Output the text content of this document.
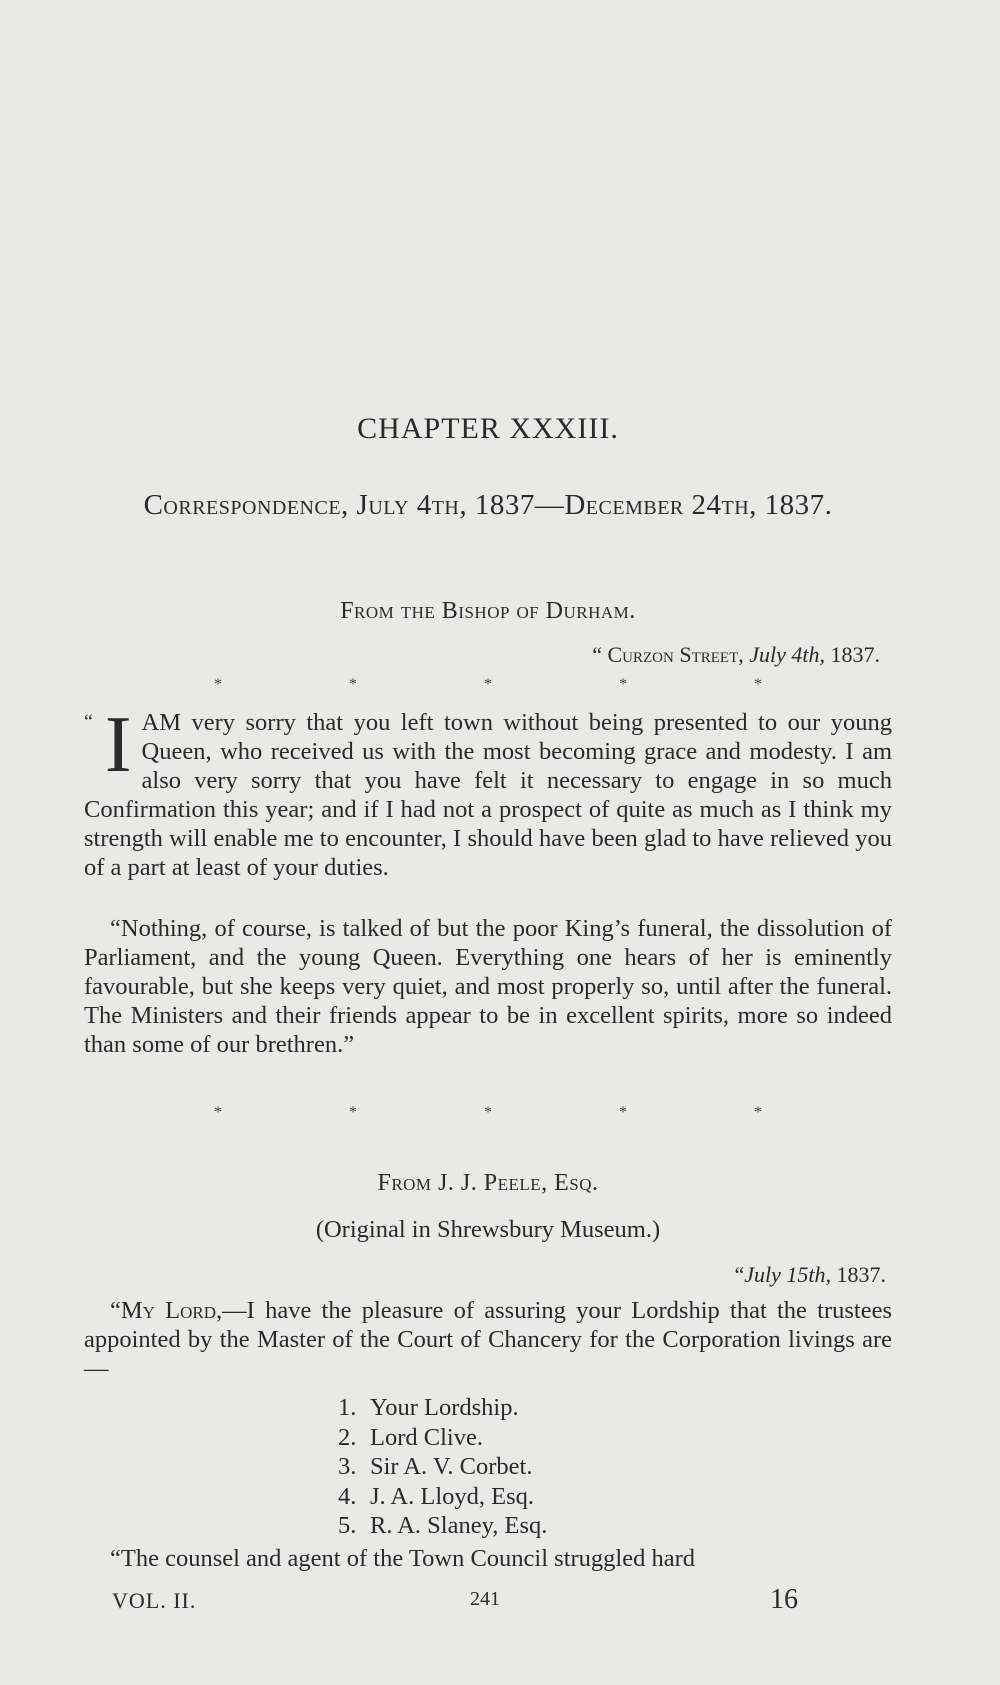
CHAPTER XXXIII.
Correspondence, July 4th, 1837—December 24th, 1837.
From the Bishop of Durham.
“ Curzon Street, July 4th, 1837.
*	*	*	*	*
“ I AM very sorry that you left town without being presented to our young Queen, who received us with the most becoming grace and modesty. I am also very sorry that you have felt it necessary to engage in so much Confirmation this year; and if I had not a prospect of quite as much as I think my strength will enable me to encounter, I should have been glad to have relieved you of a part at least of your duties.
“Nothing, of course, is talked of but the poor King’s funeral, the dissolution of Parliament, and the young Queen. Everything one hears of her is eminently favourable, but she keeps very quiet, and most properly so, until after the funeral. The Ministers and their friends appear to be in excellent spirits, more so indeed than some of our brethren.”
*	*	*	*	*
From J. J. Peele, Esq.
(Original in Shrewsbury Museum.)
“July 15th, 1837.
“My Lord,—I have the pleasure of assuring your Lordship that the trustees appointed by the Master of the Court of Chancery for the Corporation livings are—
1. Your Lordship.
2. Lord Clive.
3. Sir A. V. Corbet.
4. J. A. Lloyd, Esq.
5. R. A. Slaney, Esq.
“The counsel and agent of the Town Council struggled hard
VOL. II.	241	16
